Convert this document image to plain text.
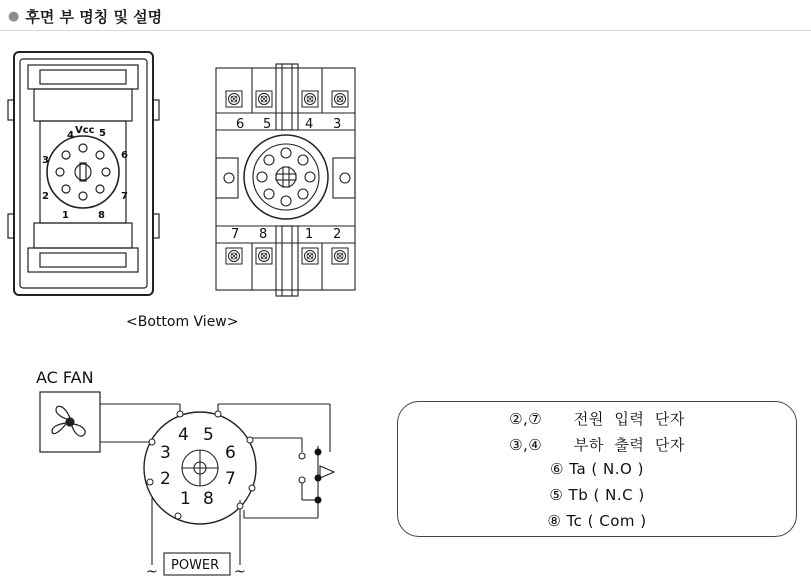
● 후면 부 명칭 및 설명
Vcc
4	5
6
3
2	7
1	8
6 5	4 3
7 8	1 2
<Bottom View>
AC FAN
4 5
3	6
2	7
1 8
POWER
~	~
②,⑦      전원  입력  단자
③,④      부하  출력  단자
⑥ Ta ( N.O )
⑤ Tb ( N.C )
⑧ Tc ( Com )
